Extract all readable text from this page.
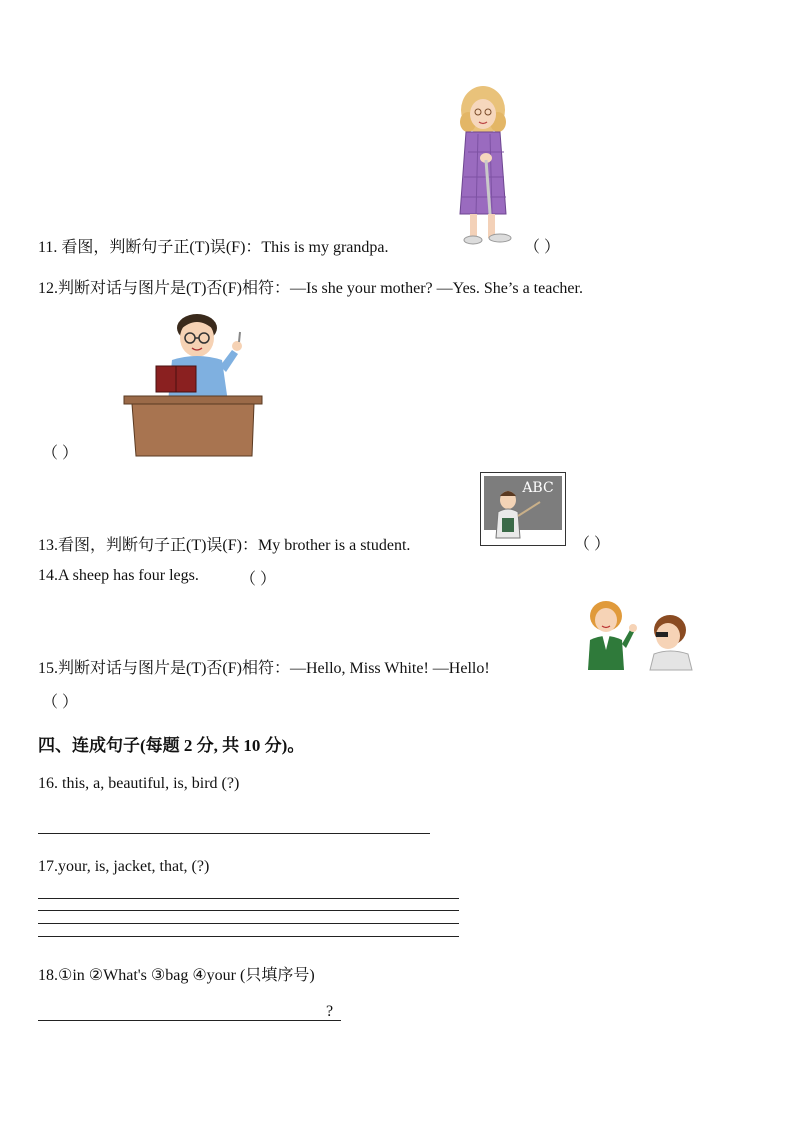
11. 看图，判断句子正(T)误(F)：This is my grandpa.	（ ）
12.判断对话与图片是(T)否(F)相符：—Is she your mother? —Yes. She’s a teacher.
（ ）
ABC
13.看图，判断句子正(T)误(F)：My brother is a student.	（ ）
14.A sheep has four legs.	（ ）
15.判断对话与图片是(T)否(F)相符：—Hello, Miss White! —Hello!
（ ）
四、连成句子(每题 2 分, 共 10 分)。
16. this, a, beautiful, is, bird (?)
17.your, is, jacket, that, (?)
18.①in ②What's ③bag ④your (只填序号)
?
